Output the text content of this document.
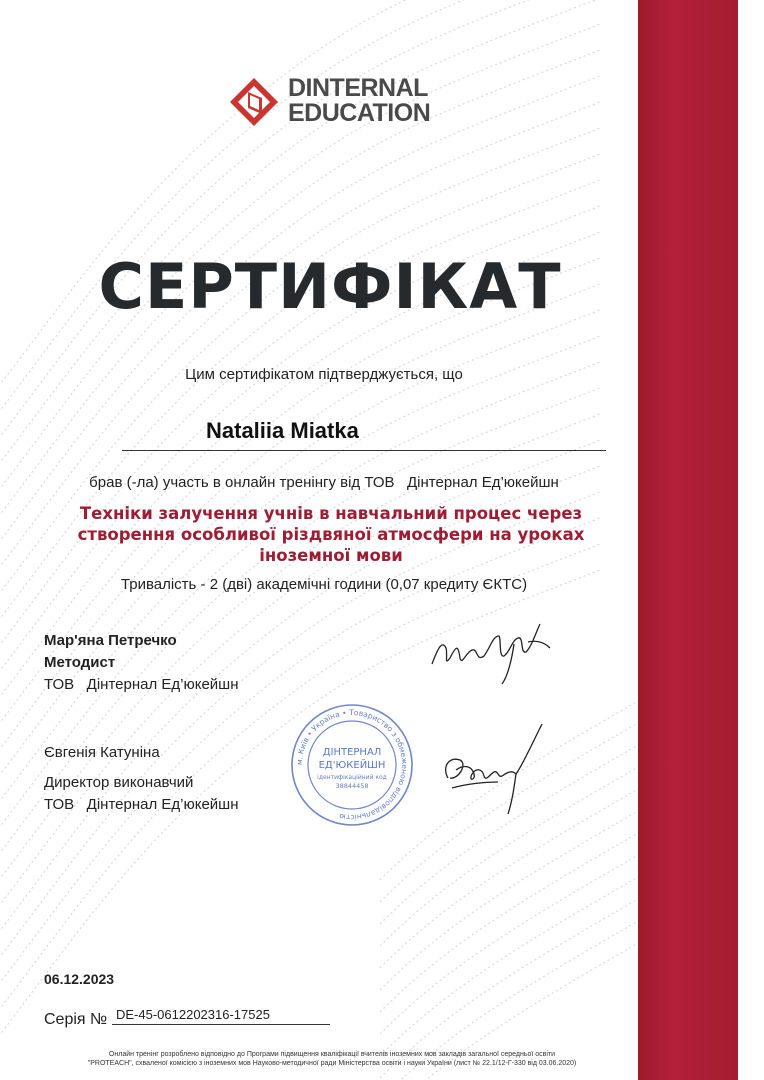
DINTERNAL
EDUCATION
СЕРТИФІКАТ
Цим сертифікатом підтверджується, що
Nataliia Miatka
брав (-ла) участь в онлайн тренінгу від ТОВ   Дінтернал Ед’юкейшн
Техніки залучення учнів в навчальний процес через
створення особливої різдвяної атмосфери на уроках
іноземної мови
Тривалість - 2 (дві) академічні години (0,07 кредиту ЄКТС)
Мар'яна Петречко
Методист
ТОВ   Дінтернал Ед’юкейшн
Євгенія Катуніна
Директор виконавчий
ТОВ   Дінтернал Ед’юкейшн
м. Київ • Україна • Товариство з обмеженою відповідальністю
ДІНТЕРНАЛ
ЕД'ЮКЕЙШН
ідентифікаційний код
38844458
06.12.2023
Серія № DE-45-0612202316-17525
Онлайн тренінг розроблено відповідно до Програми підвищення кваліфікації вчителів іноземних мов закладів загальної середньої освіти
"PROTEACH", схваленої комісією з іноземних мов Науково-методичної ради Міністерства освіти і науки України (лист № 22.1/12-Г-330 від 03.06.2020)
